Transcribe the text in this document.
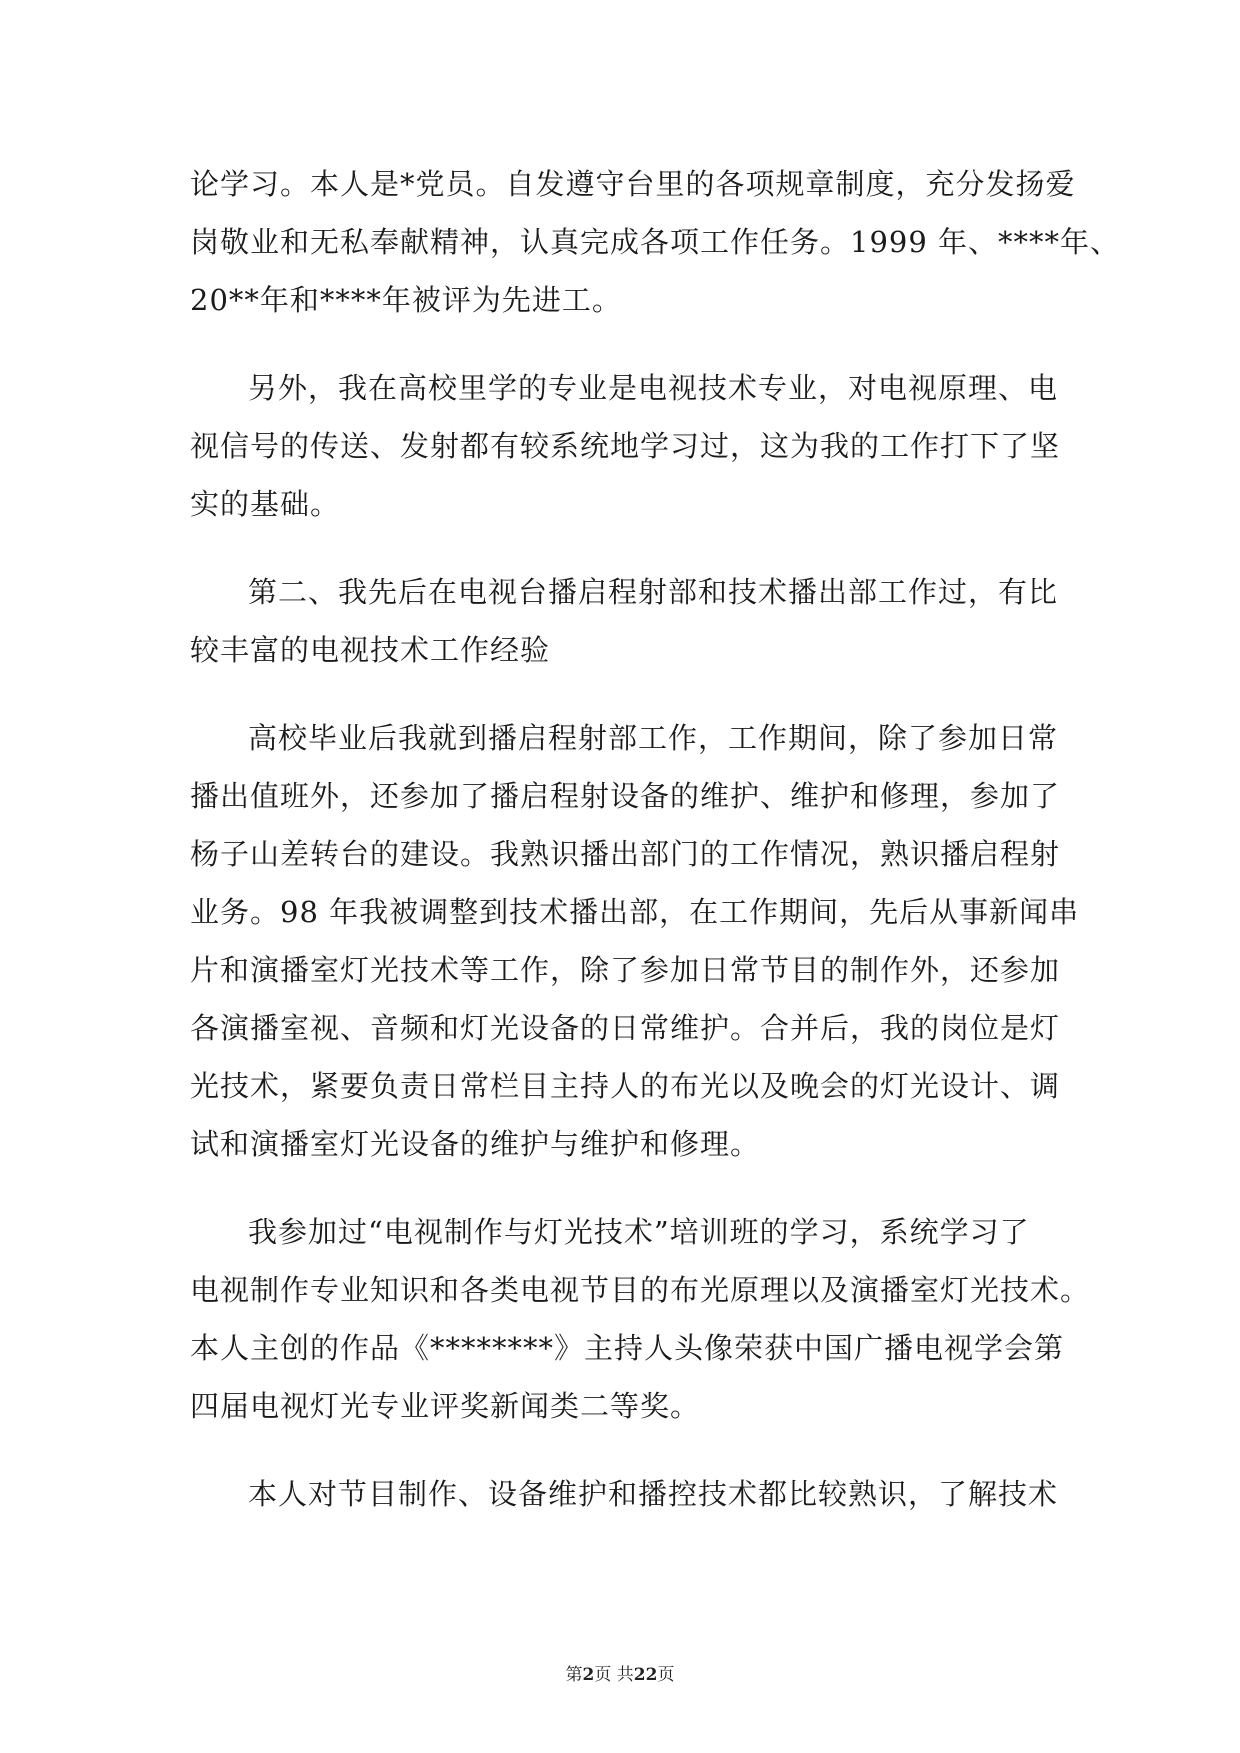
论学习。本人是*党员。自发遵守台里的各项规章制度，充分发扬爱
岗敬业和无私奉献精神，认真完成各项工作任务。1999 年、****年、
20**年和****年被评为先进工。
另外，我在高校里学的专业是电视技术专业，对电视原理、电
视信号的传送、发射都有较系统地学习过，这为我的工作打下了坚
实的基础。
第二、我先后在电视台播启程射部和技术播出部工作过，有比
较丰富的电视技术工作经验
高校毕业后我就到播启程射部工作，工作期间，除了参加日常
播出值班外，还参加了播启程射设备的维护、维护和修理，参加了
杨子山差转台的建设。我熟识播出部门的工作情况，熟识播启程射
业务。98 年我被调整到技术播出部，在工作期间，先后从事新闻串
片和演播室灯光技术等工作，除了参加日常节目的制作外，还参加
各演播室视、音频和灯光设备的日常维护。合并后，我的岗位是灯
光技术，紧要负责日常栏目主持人的布光以及晚会的灯光设计、调
试和演播室灯光设备的维护与维护和修理。
我参加过“电视制作与灯光技术”培训班的学习，系统学习了
电视制作专业知识和各类电视节目的布光原理以及演播室灯光技术。
本人主创的作品《********》主持人头像荣获中国广播电视学会第
四届电视灯光专业评奖新闻类二等奖。
本人对节目制作、设备维护和播控技术都比较熟识，了解技术
第2页 共22页
